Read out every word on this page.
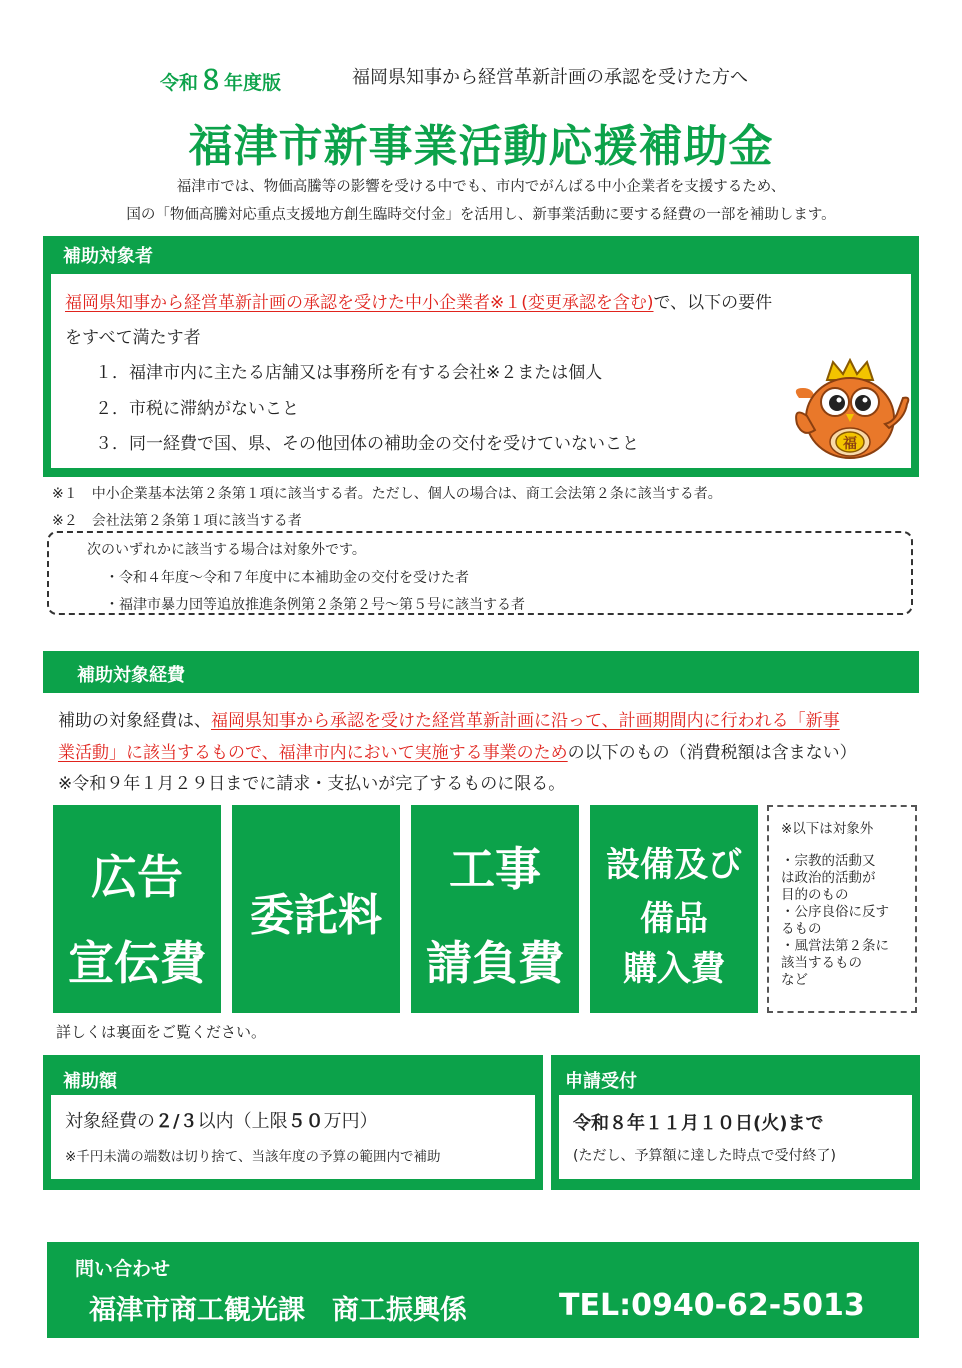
令和８年度版	福岡県知事から経営革新計画の承認を受けた方へ
福津市新事業活動応援補助金
福津市では、物価高騰等の影響を受ける中でも、市内でがんばる中小企業者を支援するため、
国の「物価高騰対応重点支援地方創生臨時交付金」を活用し、新事業活動に要する経費の一部を補助します。
補助対象者
福岡県知事から経営革新計画の承認を受けた中小企業者※１(変更承認を含む)で、以下の要件
をすべて満たす者
１． 福津市内に主たる店舗又は事務所を有する会社※２または個人
２． 市税に滞納がないこと
３． 同一経費で国、県、その他団体の補助金の交付を受けていないこと	福
※１　中小企業基本法第２条第１項に該当する者。ただし、個人の場合は、商工会法第２条に該当する者。
※２　会社法第２条第１項に該当する者
次のいずれかに該当する場合は対象外です。
・令和４年度～令和７年度中に本補助金の交付を受けた者
・福津市暴力団等追放推進条例第２条第２号～第５号に該当する者
補助対象経費
補助の対象経費は、福岡県知事から承認を受けた経営革新計画に沿って、計画期間内に行われる「新事
業活動」に該当するもので、福津市内において実施する事業のための以下のもの（消費税額は含まない）
※令和９年１月２９日までに請求・支払いが完了するものに限る。
広告
宣伝費
委託料
工事
請負費
設備及び
備品
購入費
※以下は対象外
・宗教的活動又
は政治的活動が
目的のもの
・公序良俗に反す
るもの
・風営法第２条に
該当するもの
など
詳しくは裏面をご覧ください。
補助額
対象経費の２/３以内（上限５０万円）
※千円未満の端数は切り捨て、当該年度の予算の範囲内で補助
申請受付
令和８年１１月１０日(火)まで
(ただし、予算額に達した時点で受付終了)
問い合わせ
福津市商工観光課　商工振興係	TEL:0940-62-5013
